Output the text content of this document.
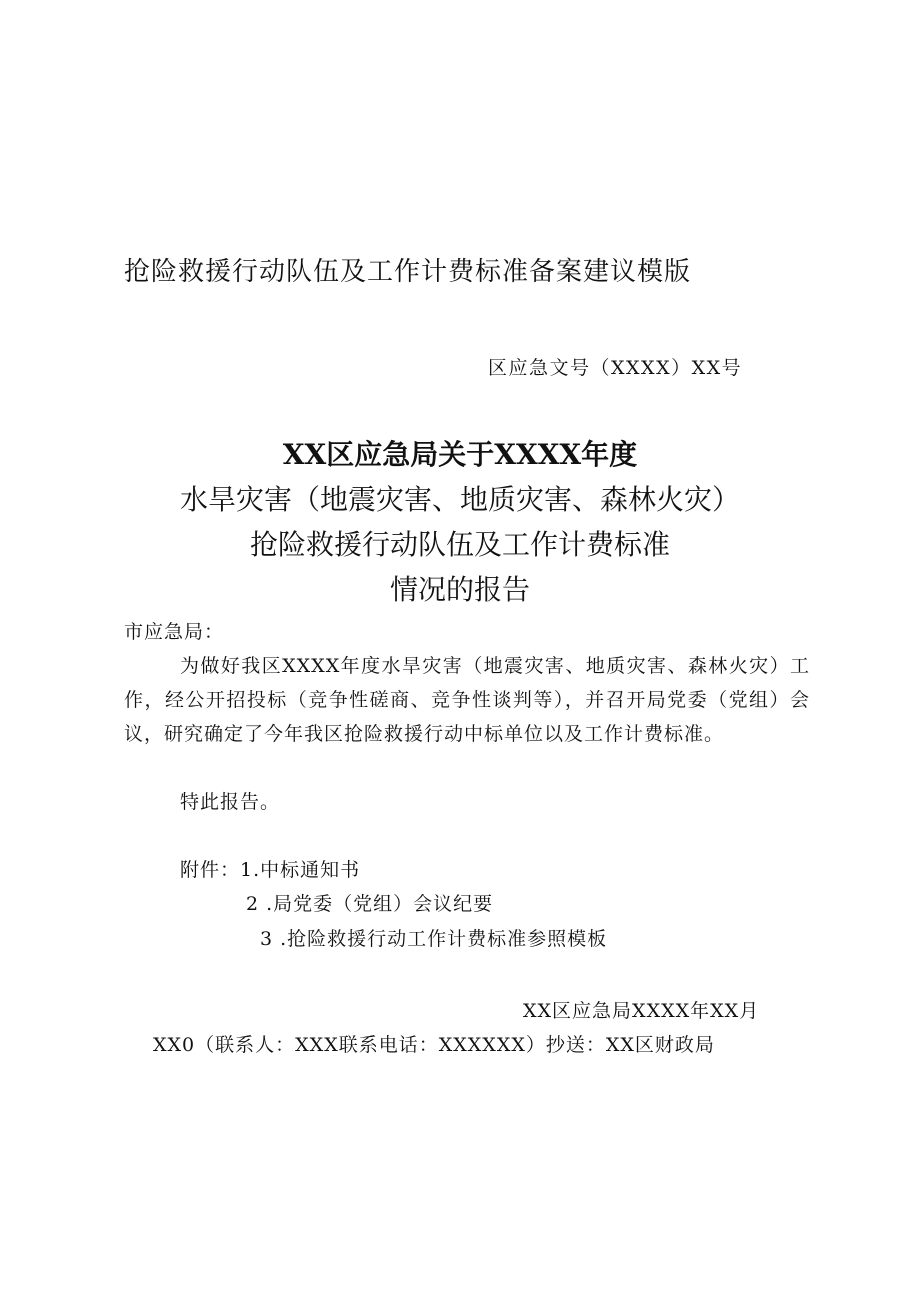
抢险救援行动队伍及工作计费标准备案建议模版
区应急文号（XXXX）XX号
XX区应急局关于XXXX年度
水旱灾害（地震灾害、地质灾害、森林火灾）
抢险救援行动队伍及工作计费标准
情况的报告
市应急局：

为做好我区XXXX年度水旱灾害（地震灾害、地质灾害、森林火灾）工作，经公开招投标（竞争性磋商、竞争性谈判等），并召开局党委（党组）会议，研究确定了今年我区抢险救援行动中标单位以及工作计费标准。

特此报告。
附件：1.中标通知书
2 .局党委（党组）会议纪要
3 .抢险救援行动工作计费标准参照模板
XX区应急局XXXX年XX月
XX0（联系人：XXX联系电话：XXXXXX）抄送：XX区财政局
